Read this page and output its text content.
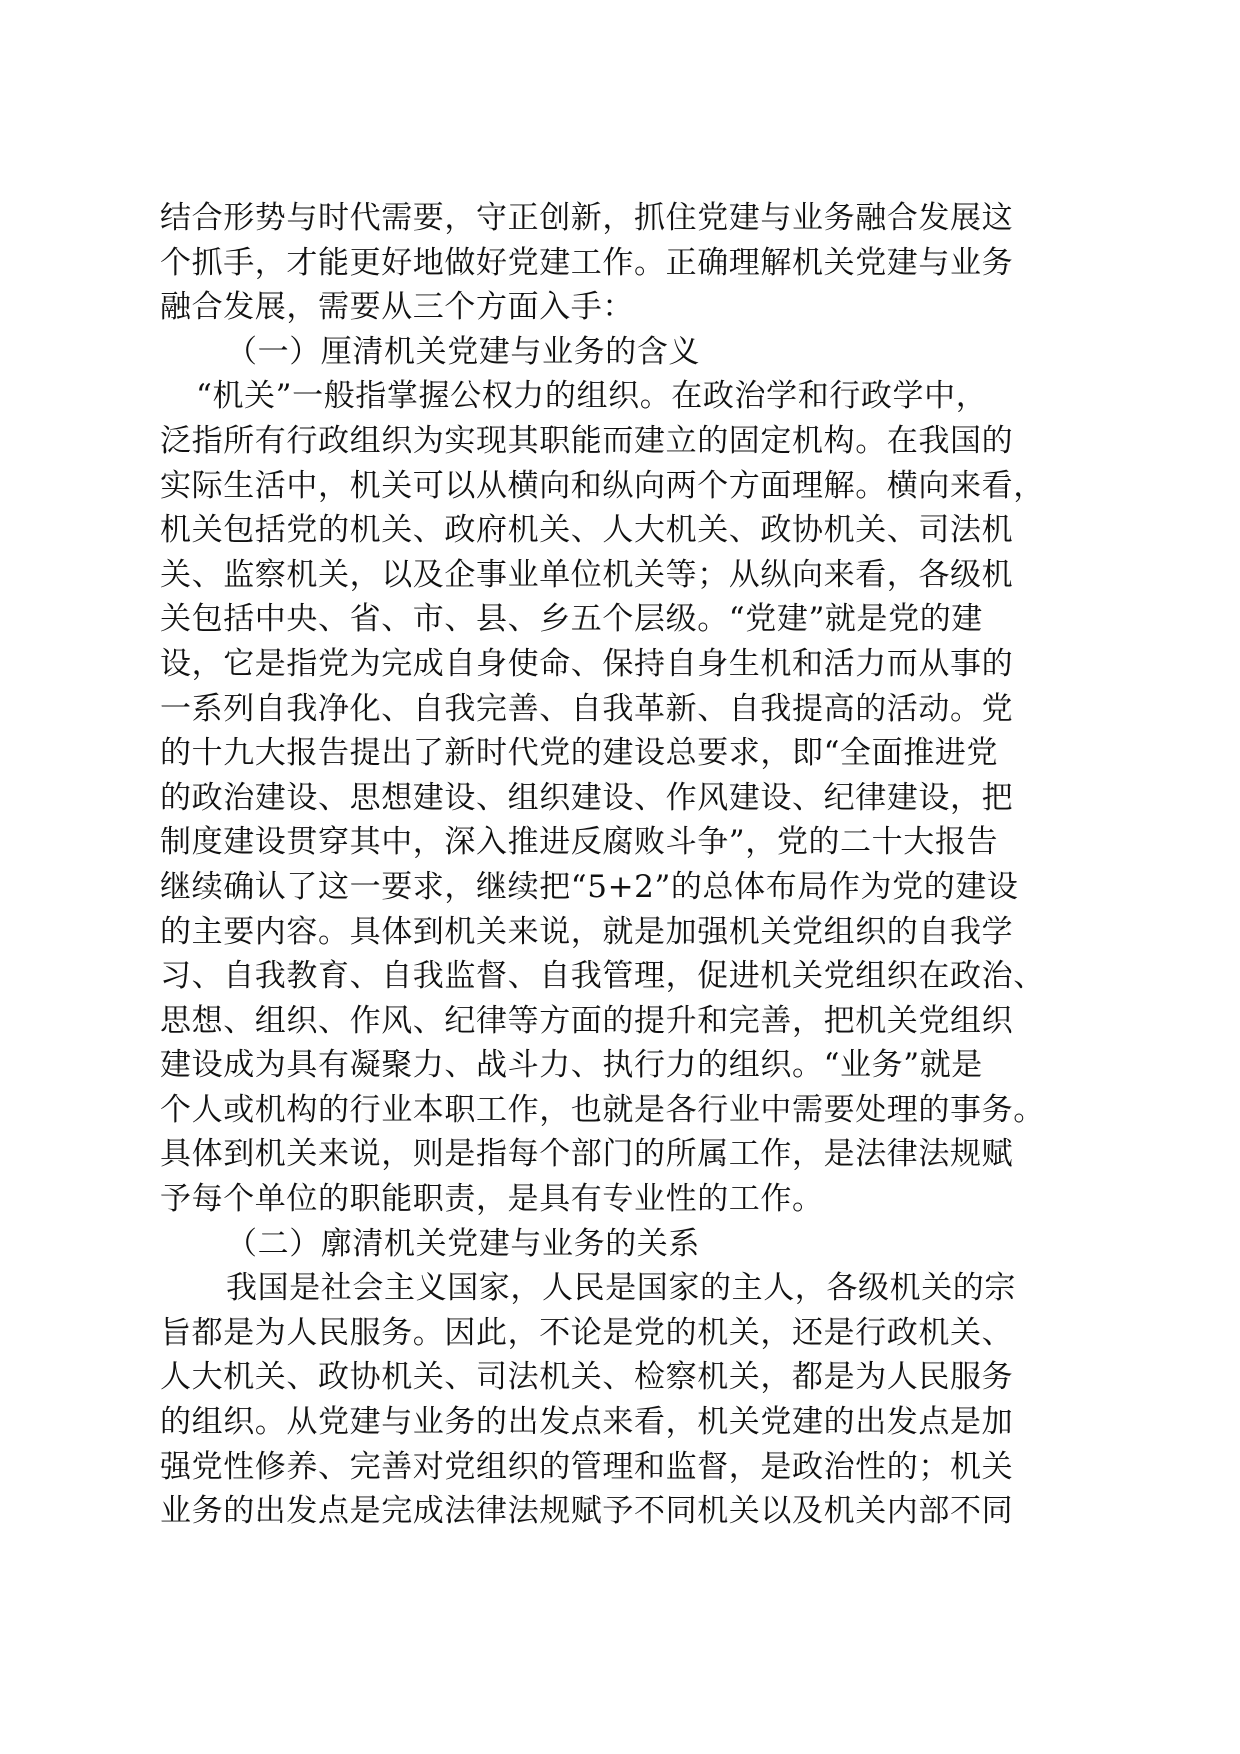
结合形势与时代需要，守正创新，抓住党建与业务融合发展这
个抓手，才能更好地做好党建工作。正确理解机关党建与业务
融合发展，需要从三个方面入手：
（一）厘清机关党建与业务的含义
“机关”一般指掌握公权力的组织。在政治学和行政学中，
泛指所有行政组织为实现其职能而建立的固定机构。在我国的
实际生活中，机关可以从横向和纵向两个方面理解。横向来看，
机关包括党的机关、政府机关、人大机关、政协机关、司法机
关、监察机关，以及企事业单位机关等；从纵向来看，各级机
关包括中央、省、市、县、乡五个层级。“党建”就是党的建
设，它是指党为完成自身使命、保持自身生机和活力而从事的
一系列自我净化、自我完善、自我革新、自我提高的活动。党
的十九大报告提出了新时代党的建设总要求，即“全面推进党
的政治建设、思想建设、组织建设、作风建设、纪律建设，把
制度建设贯穿其中，深入推进反腐败斗争”，党的二十大报告
继续确认了这一要求，继续把“5+2”的总体布局作为党的建设
的主要内容。具体到机关来说，就是加强机关党组织的自我学
习、自我教育、自我监督、自我管理，促进机关党组织在政治、
思想、组织、作风、纪律等方面的提升和完善，把机关党组织
建设成为具有凝聚力、战斗力、执行力的组织。“业务”就是
个人或机构的行业本职工作，也就是各行业中需要处理的事务。
具体到机关来说，则是指每个部门的所属工作，是法律法规赋
予每个单位的职能职责，是具有专业性的工作。
（二）廓清机关党建与业务的关系
我国是社会主义国家，人民是国家的主人，各级机关的宗
旨都是为人民服务。因此，不论是党的机关，还是行政机关、
人大机关、政协机关、司法机关、检察机关，都是为人民服务
的组织。从党建与业务的出发点来看，机关党建的出发点是加
强党性修养、完善对党组织的管理和监督，是政治性的；机关
业务的出发点是完成法律法规赋予不同机关以及机关内部不同
